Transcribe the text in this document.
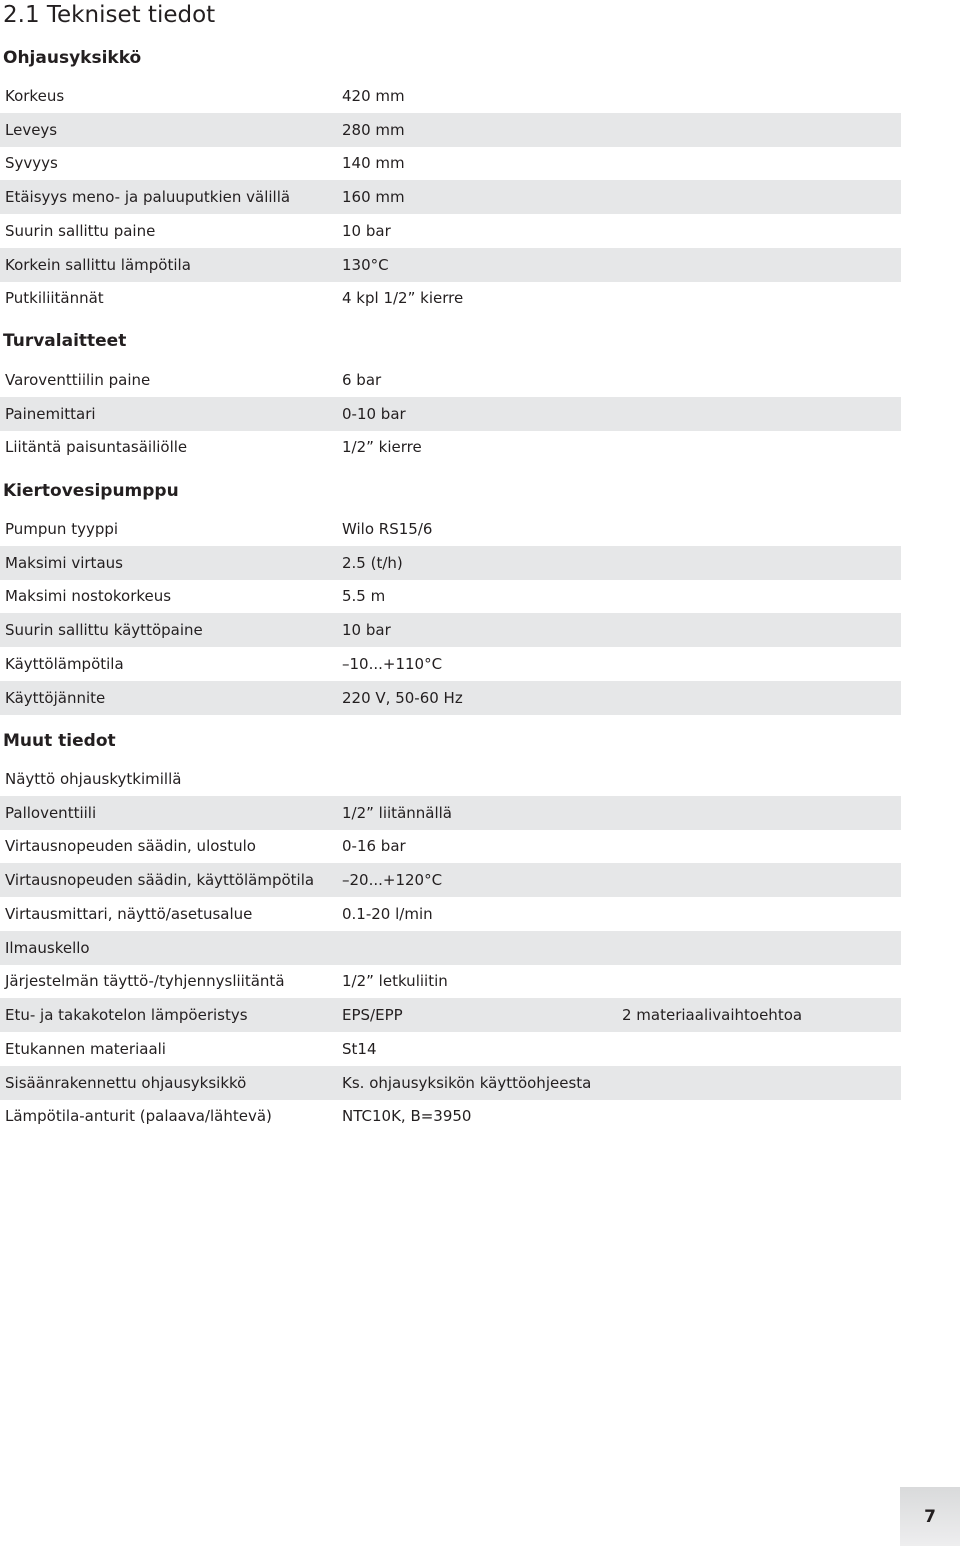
2.1 Tekniset tiedot
Ohjausyksikkö
Korkeus	420 mm	
Leveys	280 mm	
Syvyys	140 mm	
Etäisyys meno- ja paluuputkien välillä	160 mm	
Suurin sallittu paine	10 bar	
Korkein sallittu lämpötila	130°C	
Putkiliitännät	4 kpl 1/2” kierre	
Turvalaitteet
Varoventtiilin paine	6 bar	
Painemittari	0-10 bar	
Liitäntä paisuntasäiliölle	1/2” kierre	
Kiertovesipumppu
Pumpun tyyppi	Wilo RS15/6	
Maksimi virtaus	2.5 (t/h)	
Maksimi nostokorkeus	5.5 m	
Suurin sallittu käyttöpaine	10 bar	
Käyttölämpötila	–10...+110°C	
Käyttöjännite	220 V, 50-60 Hz	
Muut tiedot
Näyttö ohjauskytkimillä		
Palloventtiili	1/2” liitännällä	
Virtausnopeuden säädin, ulostulo	0-16 bar	
Virtausnopeuden säädin, käyttölämpötila	–20...+120°C	
Virtausmittari, näyttö/asetusalue	0.1-20 l/min	
Ilmauskello		
Järjestelmän täyttö-/tyhjennysliitäntä	1/2” letkuliitin	
Etu- ja takakotelon lämpöeristys	EPS/EPP	2 materiaalivaihtoehtoa
Etukannen materiaali	St14	
Sisäänrakennettu ohjausyksikkö	Ks. ohjausyksikön käyttöohjeesta	
Lämpötila-anturit (palaava/lähtevä)	NTC10K, B=3950	
7
